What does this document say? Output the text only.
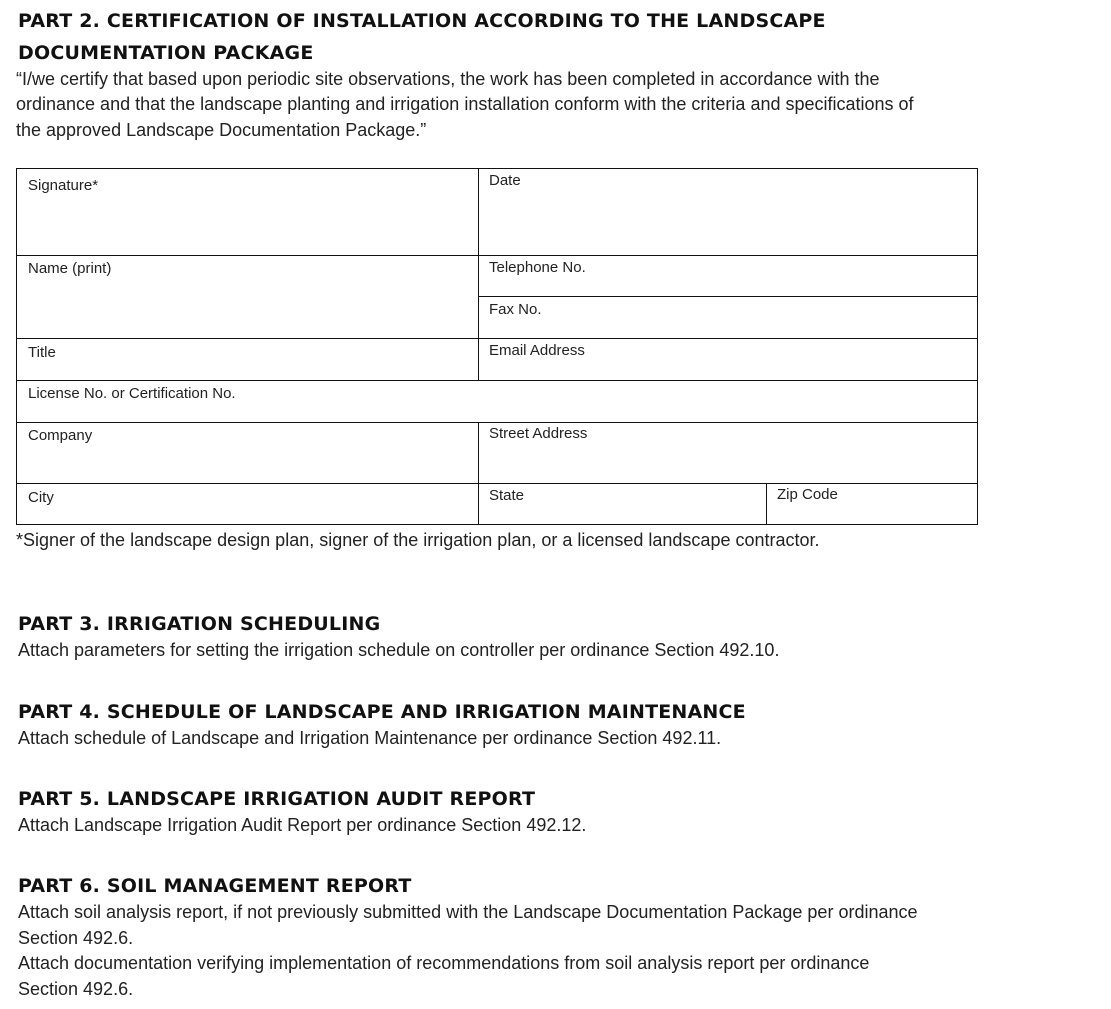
PART 2. CERTIFICATION OF INSTALLATION ACCORDING TO THE LANDSCAPE
DOCUMENTATION PACKAGE

“I/we certify that based upon periodic site observations, the work has been completed in accordance with the

ordinance and that the landscape planting and irrigation installation conform with the criteria and specifications of

the approved Landscape Documentation Package.”

Signature*	Date
Name (print)	Telephone No.
Fax No.
Title	Email Address
License No. or Certification No.
Company	Street Address
City	State	Zip Code

*Signer of the landscape design plan, signer of the irrigation plan, or a licensed landscape contractor.

PART 3. IRRIGATION SCHEDULING

Attach parameters for setting the irrigation schedule on controller per ordinance Section 492.10.

PART 4. SCHEDULE OF LANDSCAPE AND IRRIGATION MAINTENANCE

Attach schedule of Landscape and Irrigation Maintenance per ordinance Section 492.11.

PART 5. LANDSCAPE IRRIGATION AUDIT REPORT

Attach Landscape Irrigation Audit Report per ordinance Section 492.12.

PART 6. SOIL MANAGEMENT REPORT

Attach soil analysis report, if not previously submitted with the Landscape Documentation Package per ordinance

Section 492.6.

Attach documentation verifying implementation of recommendations from soil analysis report per ordinance

Section 492.6.
